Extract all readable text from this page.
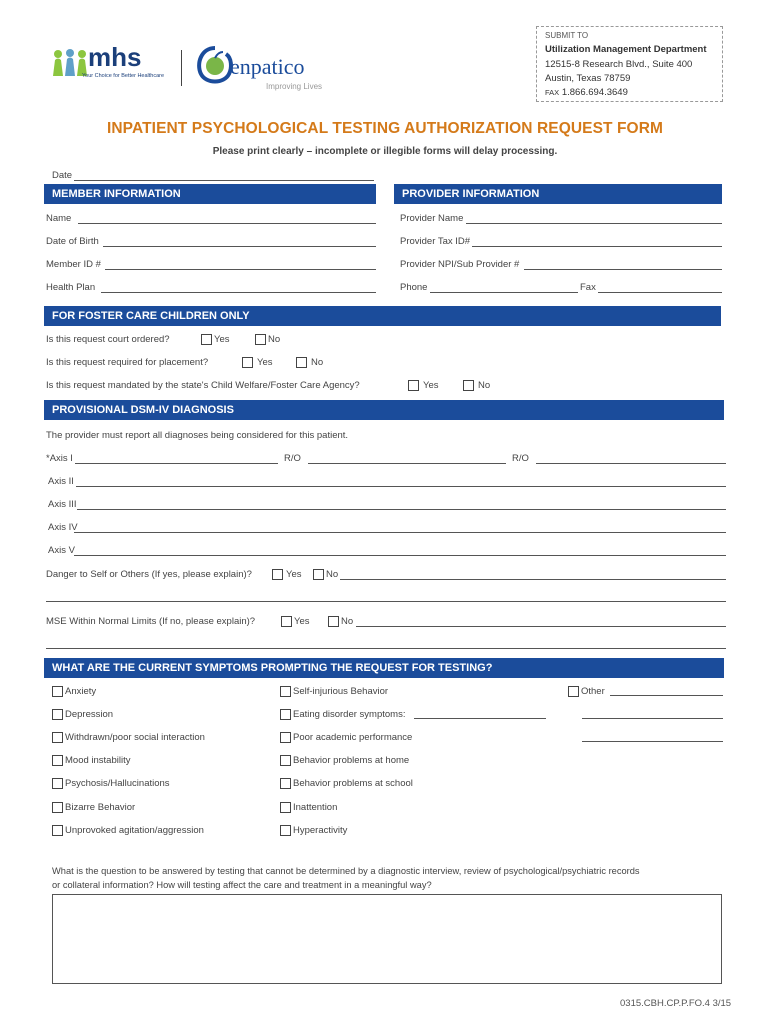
mhs
Your Choice for Better Healthcare	enpatico
Improving Lives
SUBMIT TO
Utilization Management Department
12515-8 Research Blvd., Suite 400
Austin, Texas 78759
FAX 1.866.694.3649
INPATIENT PSYCHOLOGICAL TESTING AUTHORIZATION REQUEST FORM
Please print clearly – incomplete or illegible forms will delay processing.
Date
MEMBER INFORMATION	PROVIDER INFORMATION
Name
Date of Birth
Member ID #
Health Plan
Provider Name
Provider Tax ID#
Provider NPI/Sub Provider #
Phone	Fax
FOR FOSTER CARE CHILDREN ONLY
Is this request court ordered?	Yes	No
Is this request required for placement?	Yes	No
Is this request mandated by the state's Child Welfare/Foster Care Agency?	Yes	No
PROVISIONAL DSM-IV DIAGNOSIS
The provider must report all diagnoses being considered for this patient.
*Axis I	R/O	R/O
Axis II
Axis III
Axis IV
Axis V
Danger to Self or Others (If yes, please explain)?	Yes	No
MSE Within Normal Limits (If no, please explain)?	Yes	No
WHAT ARE THE CURRENT SYMPTOMS PROMPTING THE REQUEST FOR TESTING?
Anxiety
Depression
Withdrawn/poor social interaction
Mood instability
Psychosis/Hallucinations
Bizarre Behavior
Unprovoked agitation/aggression
Self-injurious Behavior
Eating disorder symptoms:
Poor academic performance
Behavior problems at home
Behavior problems at school
Inattention
Hyperactivity
Other
What is the question to be answered by testing that cannot be determined by a diagnostic interview, review of psychological/psychiatric records
or collateral information? How will testing affect the care and treatment in a meaningful way?
0315.CBH.CP.P.FO.4 3/15
